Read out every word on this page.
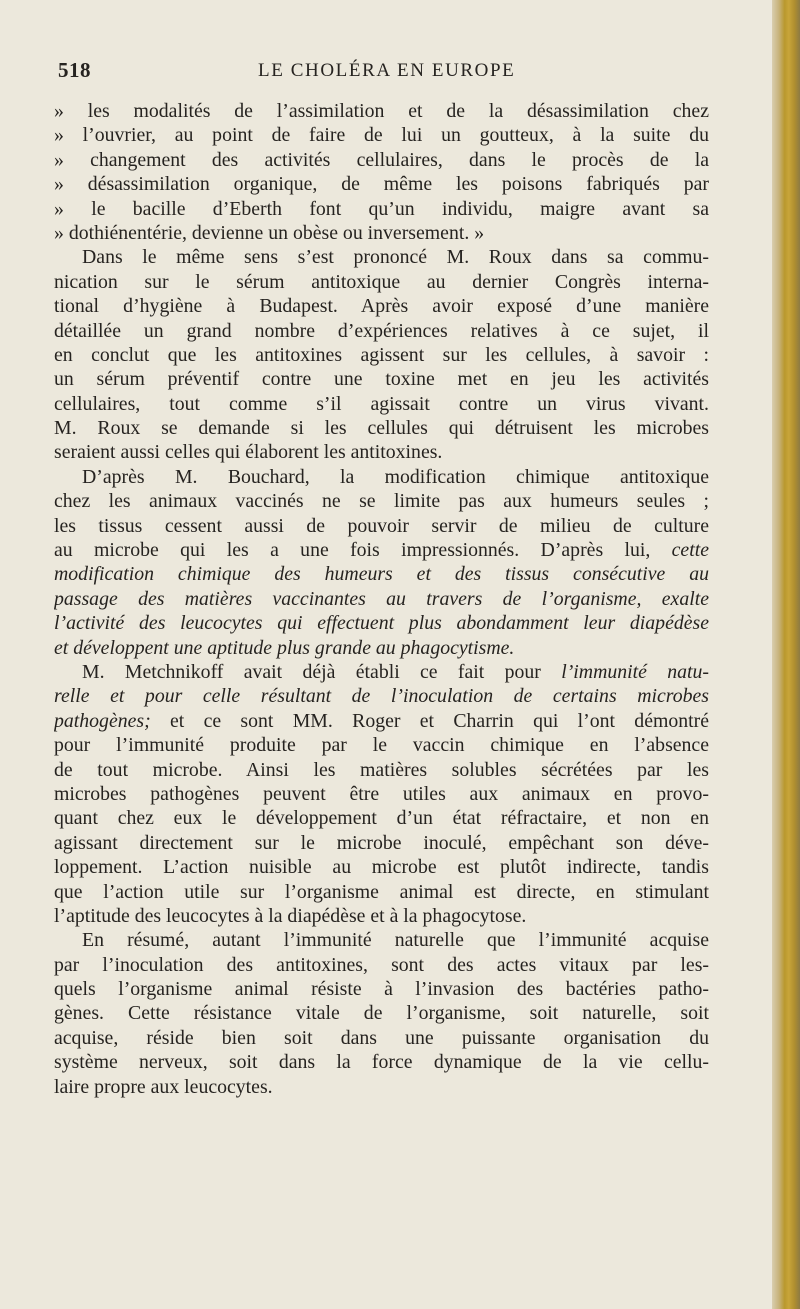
518	LE CHOLÉRA EN EUROPE
» les modalités de l’assimilation et de la désassimilation chez
» l’ouvrier, au point de faire de lui un goutteux, à la suite du
» changement des activités cellulaires, dans le procès de la
» désassimilation organique, de même les poisons fabriqués par
» le bacille d’Eberth font qu’un individu, maigre avant sa
» dothiénentérie, devienne un obèse ou inversement. »
Dans le même sens s’est prononcé M. Roux dans sa commu-
nication sur le sérum antitoxique au dernier Congrès interna-
tional d’hygiène à Budapest. Après avoir exposé d’une manière
détaillée un grand nombre d’expériences relatives à ce sujet, il
en conclut que les antitoxines agissent sur les cellules, à savoir :
un sérum préventif contre une toxine met en jeu les activités
cellulaires, tout comme s’il agissait contre un virus vivant.
M. Roux se demande si les cellules qui détruisent les microbes
seraient aussi celles qui élaborent les antitoxines.
D’après M. Bouchard, la modification chimique antitoxique
chez les animaux vaccinés ne se limite pas aux humeurs seules ;
les tissus cessent aussi de pouvoir servir de milieu de culture
au microbe qui les a une fois impressionnés. D’après lui, cette
modification chimique des humeurs et des tissus consécutive au
passage des matières vaccinantes au travers de l’organisme, exalte
l’activité des leucocytes qui effectuent plus abondamment leur diapédèse
et développent une aptitude plus grande au phagocytisme.
M. Metchnikoff avait déjà établi ce fait pour l’immunité natu-
relle et pour celle résultant de l’inoculation de certains microbes
pathogènes; et ce sont MM. Roger et Charrin qui l’ont démontré
pour l’immunité produite par le vaccin chimique en l’absence
de tout microbe. Ainsi les matières solubles sécrétées par les
microbes pathogènes peuvent être utiles aux animaux en provo-
quant chez eux le développement d’un état réfractaire, et non en
agissant directement sur le microbe inoculé, empêchant son déve-
loppement. L’action nuisible au microbe est plutôt indirecte, tandis
que l’action utile sur l’organisme animal est directe, en stimulant
l’aptitude des leucocytes à la diapédèse et à la phagocytose.
En résumé, autant l’immunité naturelle que l’immunité acquise
par l’inoculation des antitoxines, sont des actes vitaux par les-
quels l’organisme animal résiste à l’invasion des bactéries patho-
gènes. Cette résistance vitale de l’organisme, soit naturelle, soit
acquise, réside bien soit dans une puissante organisation du
système nerveux, soit dans la force dynamique de la vie cellu-
laire propre aux leucocytes.
